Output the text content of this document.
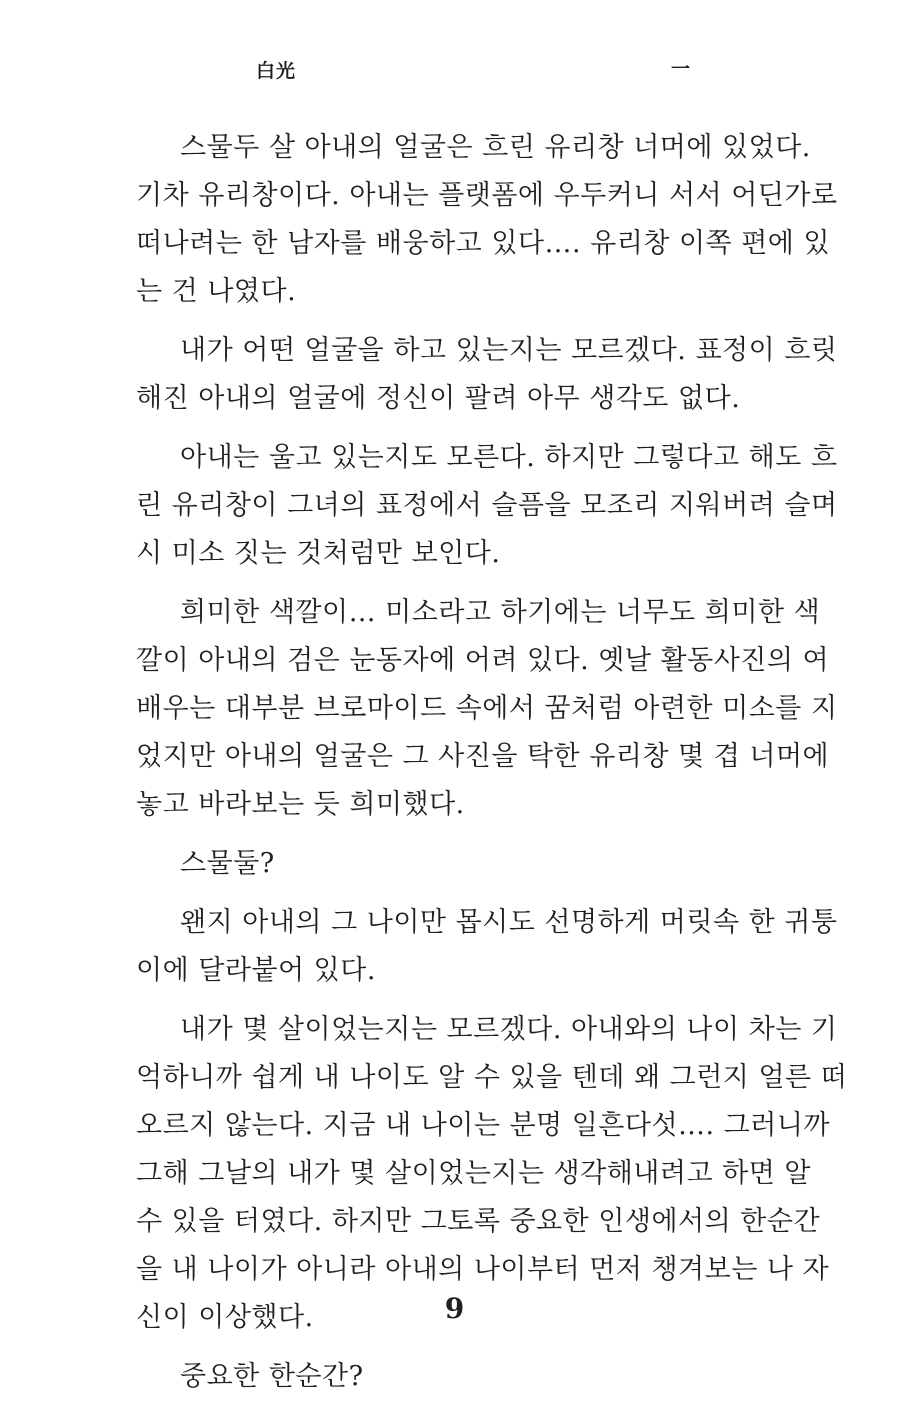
白光	一
스물두 살 아내의 얼굴은 흐린 유리창 너머에 있었다.
기차 유리창이다. 아내는 플랫폼에 우두커니 서서 어딘가로
떠나려는 한 남자를 배웅하고 있다…. 유리창 이쪽 편에 있
는 건 나였다.
내가 어떤 얼굴을 하고 있는지는 모르겠다. 표정이 흐릿
해진 아내의 얼굴에 정신이 팔려 아무 생각도 없다.
아내는 울고 있는지도 모른다. 하지만 그렇다고 해도 흐
린 유리창이 그녀의 표정에서 슬픔을 모조리 지워버려 슬며
시 미소 짓는 것처럼만 보인다.
희미한 색깔이… 미소라고 하기에는 너무도 희미한 색
깔이 아내의 검은 눈동자에 어려 있다. 옛날 활동사진의 여
배우는 대부분 브로마이드 속에서 꿈처럼 아련한 미소를 지
었지만 아내의 얼굴은 그 사진을 탁한 유리창 몇 겹 너머에
놓고 바라보는 듯 희미했다.
스물둘?
왠지 아내의 그 나이만 몹시도 선명하게 머릿속 한 귀퉁
이에 달라붙어 있다.
내가 몇 살이었는지는 모르겠다. 아내와의 나이 차는 기
억하니까 쉽게 내 나이도 알 수 있을 텐데 왜 그런지 얼른 떠
오르지 않는다. 지금 내 나이는 분명 일흔다섯…. 그러니까
그해 그날의 내가 몇 살이었는지는 생각해내려고 하면 알
수 있을 터였다. 하지만 그토록 중요한 인생에서의 한순간
을 내 나이가 아니라 아내의 나이부터 먼저 챙겨보는 나 자
신이 이상했다.
중요한 한순간?
9
